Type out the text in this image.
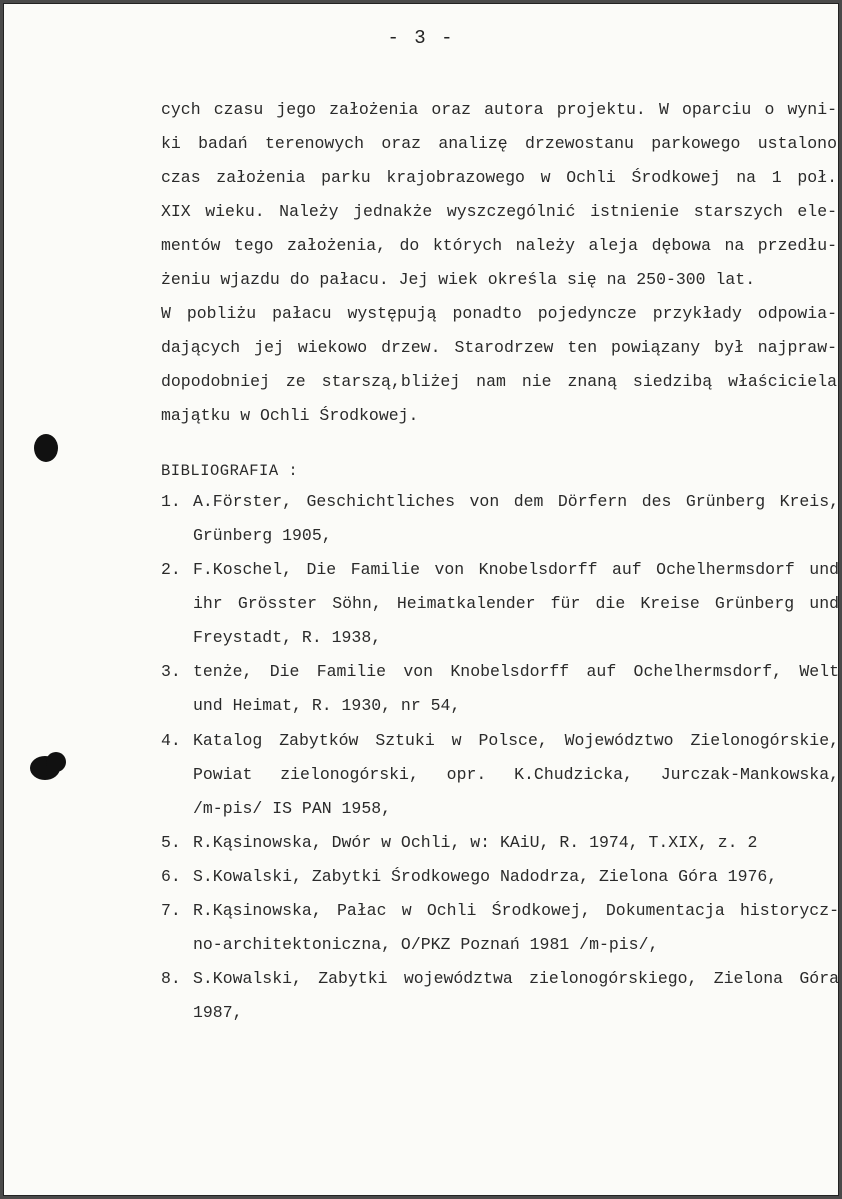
- 3 -
cych czasu jego założenia oraz autora projektu. W oparciu o wyni-
ki badań terenowych oraz analizę drzewostanu parkowego ustalono
czas założenia parku krajobrazowego w Ochli Środkowej na 1 poł.
XIX wieku. Należy jednakże wyszczególnić istnienie starszych ele-
mentów tego założenia, do których należy aleja dębowa na przedłu-
żeniu wjazdu do pałacu. Jej wiek określa się na 250-300 lat.
W pobliżu pałacu występują ponadto pojedyncze przykłady odpowia-
dających jej wiekowo drzew. Starodrzew ten powiązany był najpraw-
dopodobniej ze starszą,bliżej nam nie znaną siedzibą właściciela
majątku w Ochli Środkowej.
BIBLIOGRAFIA :
1. A.Förster, Geschichtliches von dem Dörfern des Grünberg Kreis,
Grünberg 1905,
2. F.Koschel, Die Familie von Knobelsdorff auf Ochelhermsdorf und
ihr Grösster Söhn, Heimatkalender für die Kreise Grünberg und
Freystadt, R. 1938,
3. tenże, Die Familie von Knobelsdorff auf Ochelhermsdorf, Welt
und Heimat, R. 1930, nr 54,
4. Katalog Zabytków Sztuki w Polsce, Województwo Zielonogórskie,
Powiat zielonogórski, opr. K.Chudzicka, Jurczak-Mankowska,
/m-pis/ IS PAN 1958,
5. R.Kąsinowska, Dwór w Ochli, w: KAiU, R. 1974, T.XIX, z. 2
6. S.Kowalski, Zabytki Środkowego Nadodrza, Zielona Góra 1976,
7. R.Kąsinowska, Pałac w Ochli Środkowej, Dokumentacja historycz-
no-architektoniczna, O/PKZ Poznań 1981 /m-pis/,
8. S.Kowalski, Zabytki województwa zielonogórskiego, Zielona Góra
1987,
